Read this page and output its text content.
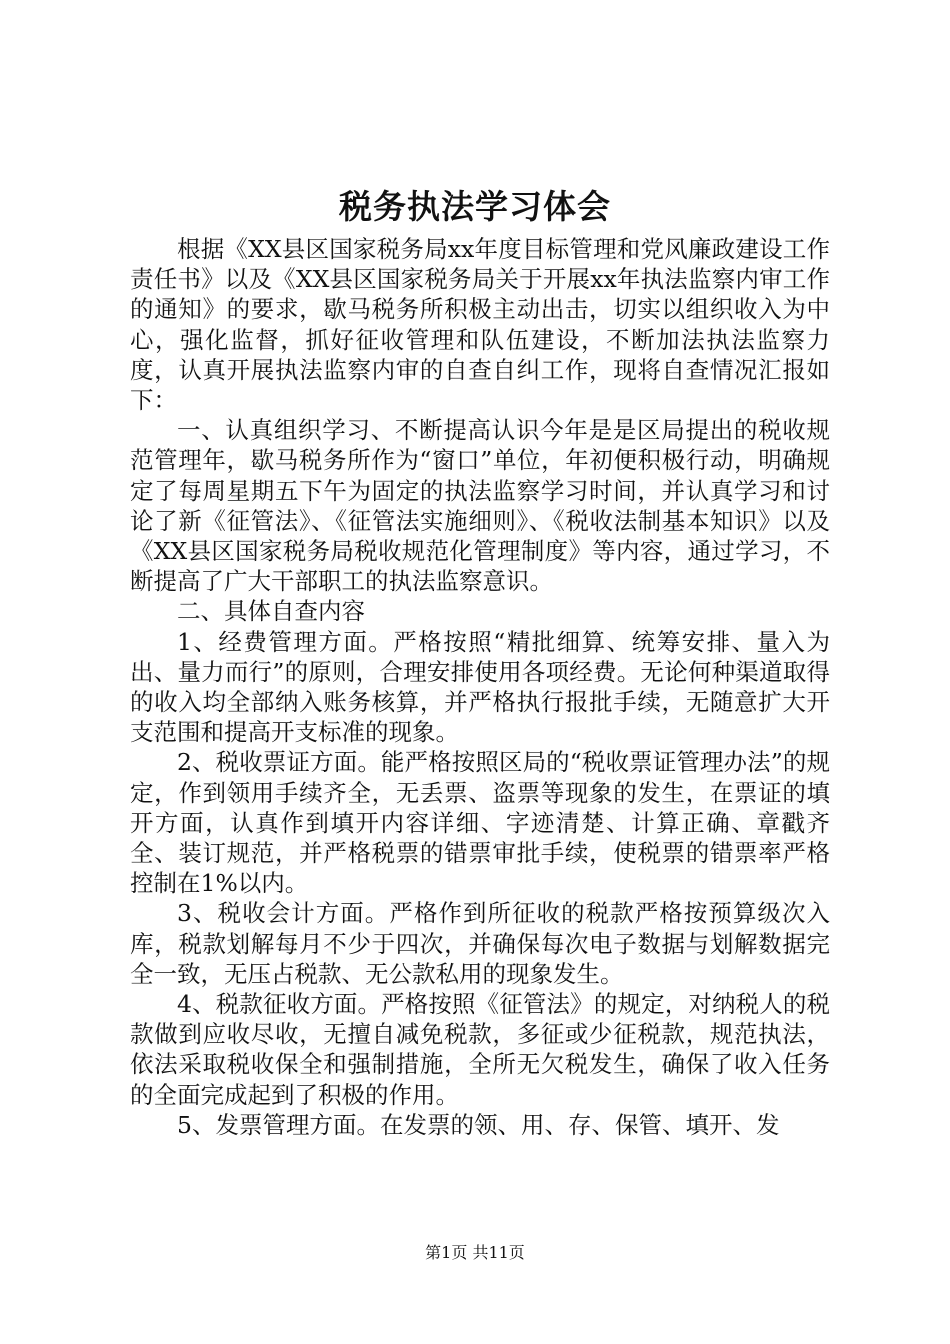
税务执法学习体会

根据《XX县区国家税务局xx年度目标管理和党风廉政建设工作责任书》以及《XX县区国家税务局关于开展xx年执法监察内审工作的通知》的要求，歇马税务所积极主动出击，切实以组织收入为中心，强化监督，抓好征收管理和队伍建设，不断加法执法监察力度，认真开展执法监察内审的自查自纠工作，现将自查情况汇报如下：

一、认真组织学习、不断提高认识今年是是区局提出的税收规范管理年，歇马税务所作为“窗口”单位，年初便积极行动，明确规定了每周星期五下午为固定的执法监察学习时间，并认真学习和讨论了新《征管法》、《征管法实施细则》、《税收法制基本知识》以及《XX县区国家税务局税收规范化管理制度》等内容，通过学习，不断提高了广大干部职工的执法监察意识。

二、具体自查内容

1、经费管理方面。严格按照“精批细算、统筹安排、量入为出、量力而行”的原则，合理安排使用各项经费。无论何种渠道取得的收入均全部纳入账务核算，并严格执行报批手续，无随意扩大开支范围和提高开支标准的现象。

2、税收票证方面。能严格按照区局的“税收票证管理办法”的规定，作到领用手续齐全，无丢票、盗票等现象的发生，在票证的填开方面，认真作到填开内容详细、字迹清楚、计算正确、章戳齐全、装订规范，并严格税票的错票审批手续，使税票的错票率严格控制在1%以内。

3、税收会计方面。严格作到所征收的税款严格按预算级次入库，税款划解每月不少于四次，并确保每次电子数据与划解数据完全一致，无压占税款、无公款私用的现象发生。

4、税款征收方面。严格按照《征管法》的规定，对纳税人的税款做到应收尽收，无擅自减免税款，多征或少征税款，规范执法，依法采取税收保全和强制措施，全所无欠税发生，确保了收入任务的全面完成起到了积极的作用。

5、发票管理方面。在发票的领、用、存、保管、填开、发

第1页 共11页
